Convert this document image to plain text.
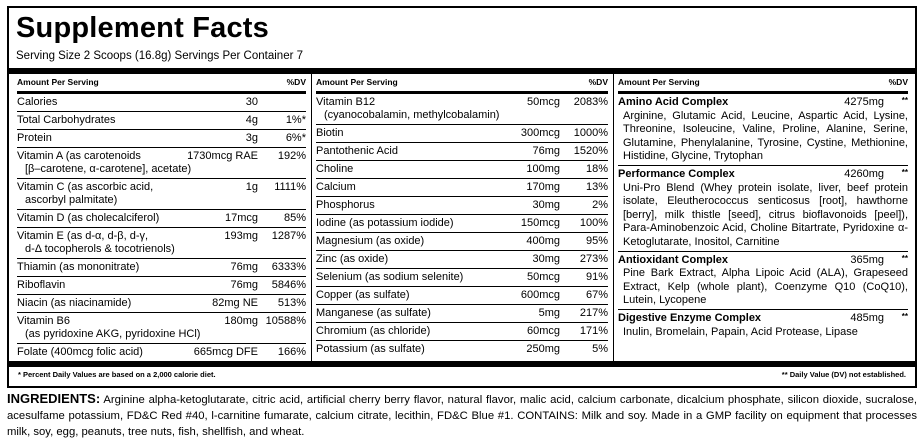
Supplement Facts
Serving Size 2 Scoops (16.8g) Servings Per Container 7
Amount Per Serving	%DV
Calories	30
Total Carbohydrates	4g	1%*
Protein	3g	6%*
Vitamin A (as carotenoids
[β–carotene, α-carotene], acetate)
1730mcg RAE 192%
Vitamin C (as ascorbic acid,
ascorbyl palmitate)
1g 1111%
Vitamin D (as cholecalciferol)	17mcg 85%
Vitamin E (as d-α, d-β, d-γ,
d-Δ tocopherols & tocotrienols)
193mg 1287%
Thiamin (as mononitrate)	76mg 6333%
Riboflavin	76mg 5846%
Niacin (as niacinamide)	82mg NE 513%
Vitamin B6
(as pyridoxine AKG, pyridoxine HCl)
180mg 10588%
Folate (400mcg folic acid)	665mcg DFE 166%
Amount Per Serving	%DV
Vitamin B12
(cyanocobalamin, methylcobalamin)
50mcg 2083%
Biotin	300mcg 1000%
Pantothenic Acid	76mg 1520%
Choline	100mg 18%
Calcium	170mg 13%
Phosphorus	30mg	2%
Iodine (as potassium iodide)	150mcg 100%
Magnesium (as oxide)	400mg 95%
Zinc (as oxide)	30mg 273%
Selenium (as sodium selenite)	50mcg 91%
Copper (as sulfate)	600mcg 67%
Manganese (as sulfate)	5mg 217%
Chromium (as chloride)	60mcg 171%
Potassium (as sulfate)	250mg	5%
Amount Per Serving	%DV
Amino Acid Complex	4275mg **
Arginine, Glutamic Acid, Leucine, Aspartic Acid, Lysine, Threonine, Isoleucine, Valine, Proline, Alanine, Serine, Glutamine, Phenylalanine, Tyrosine, Cystine, Methionine, Histidine, Glycine, Trytophan
Performance Complex	4260mg **
Uni-Pro Blend (Whey protein isolate, liver, beef protein isolate, Eleutherococcus senticosus [root], hawthorne [berry], milk thistle [seed], citrus bioflavonoids [peel]), Para-Aminobenzoic Acid, Choline Bitartrate, Pyridoxine α-Ketoglutarate, Inositol, Carnitine
Antioxidant Complex	365mg **
Pine Bark Extract, Alpha Lipoic Acid (ALA), Grapeseed Extract, Kelp (whole plant), Coenzyme Q10 (CoQ10), Lutein, Lycopene
Digestive Enzyme Complex	485mg **
Inulin, Bromelain, Papain, Acid Protease, Lipase
* Percent Daily Values are based on a 2,000 calorie diet.	** Daily Value (DV) not established.
INGREDIENTS: Arginine alpha-ketoglutarate, citric acid, artificial cherry berry flavor, natural flavor, malic acid, calcium carbonate, dicalcium phosphate, silicon dioxide, sucralose, acesulfame potassium, FD&C Red #40, l-carnitine fumarate, calcium citrate, lecithin, FD&C Blue #1. CONTAINS: Milk and soy. Made in a GMP facility on equipment that processes milk, soy, egg, peanuts, tree nuts, fish, shellfish, and wheat.
